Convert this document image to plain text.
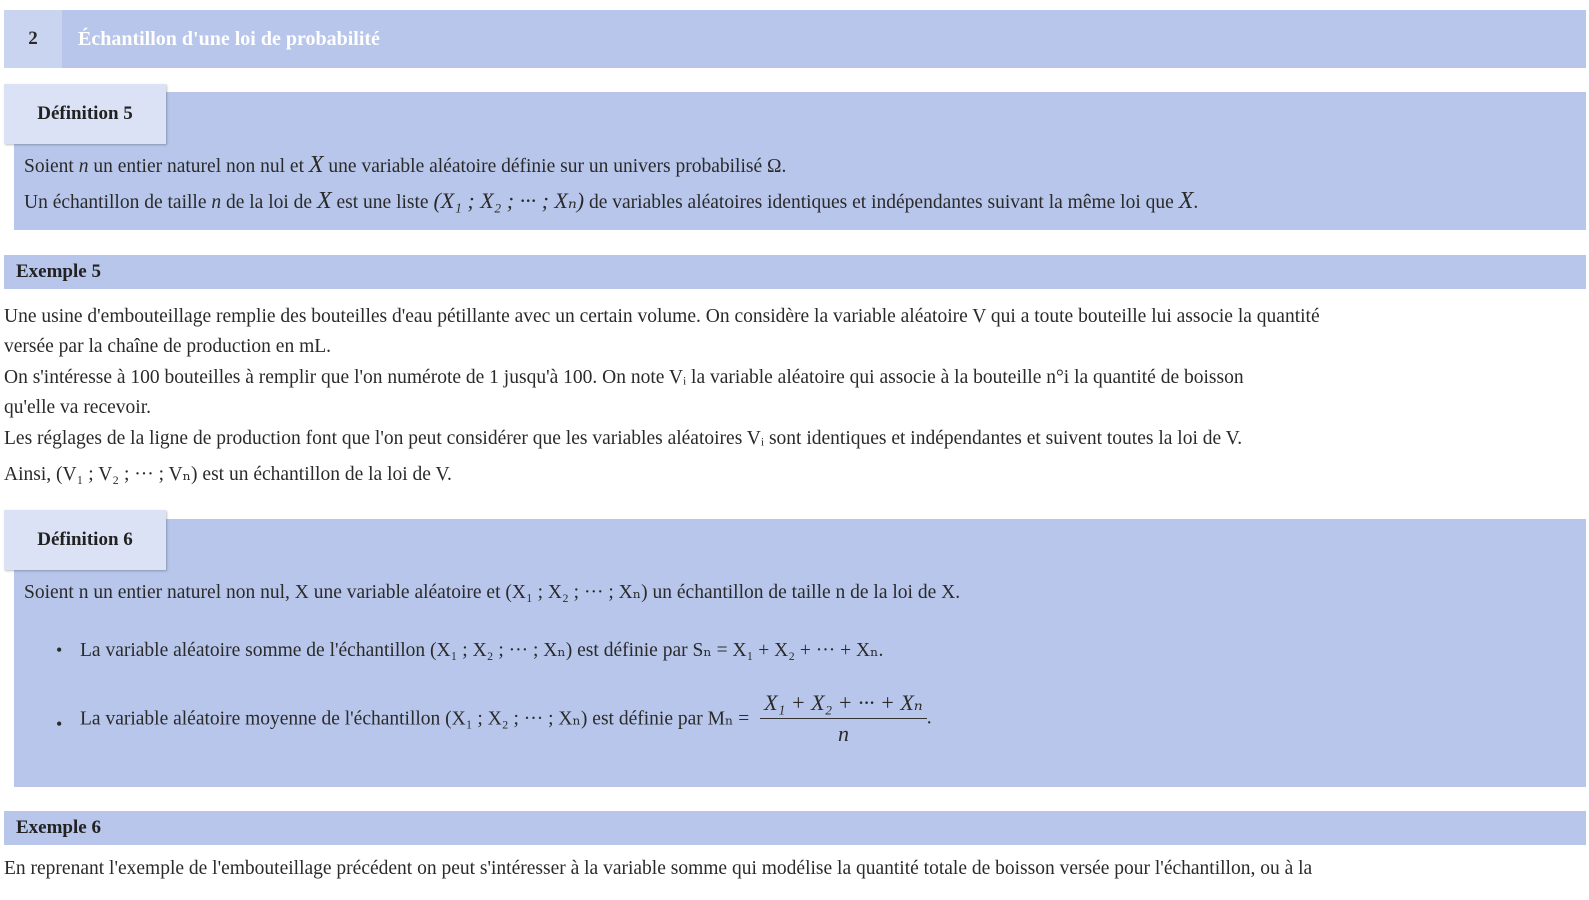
2	Échantillon d'une loi de probabilité
Définition 5
Soient n un entier naturel non nul et X une variable aléatoire définie sur un univers probabilisé Ω.
Un échantillon de taille n de la loi de X est une liste (X₁ ; X₂ ; ··· ; Xₙ) de variables aléatoires identiques et indépendantes suivant la même loi que X.
Exemple 5
Une usine d'embouteillage remplie des bouteilles d'eau pétillante avec un certain volume. On considère la variable aléatoire V qui a toute bouteille lui associe la quantité
versée par la chaîne de production en mL.
On s'intéresse à 100 bouteilles à remplir que l'on numérote de 1 jusqu'à 100. On note Vᵢ la variable aléatoire qui associe à la bouteille n°i la quantité de boisson
qu'elle va recevoir.
Les réglages de la ligne de production font que l'on peut considérer que les variables aléatoires Vᵢ sont identiques et indépendantes et suivent toutes la loi de V.
Ainsi, (V₁ ; V₂ ; ··· ; Vₙ) est un échantillon de la loi de V.
Définition 6
Soient n un entier naturel non nul, X une variable aléatoire et (X₁ ; X₂ ; ··· ; Xₙ) un échantillon de taille n de la loi de X.
• La variable aléatoire somme de l'échantillon (X₁ ; X₂ ; ··· ; Xₙ) est définie par Sₙ = X₁ + X₂ + ··· + Xₙ.
• La variable aléatoire moyenne de l'échantillon (X₁ ; X₂ ; ··· ; Xₙ) est définie par $M_n = \frac{\text{X₁ + X₂ + ··· + Xₙ}}{n}$ .
Exemple 6
En reprenant l'exemple de l'embouteillage précédent on peut s'intéresser à la variable somme qui modélise la quantité totale de boisson versée pour l'échantillon, ou à la
